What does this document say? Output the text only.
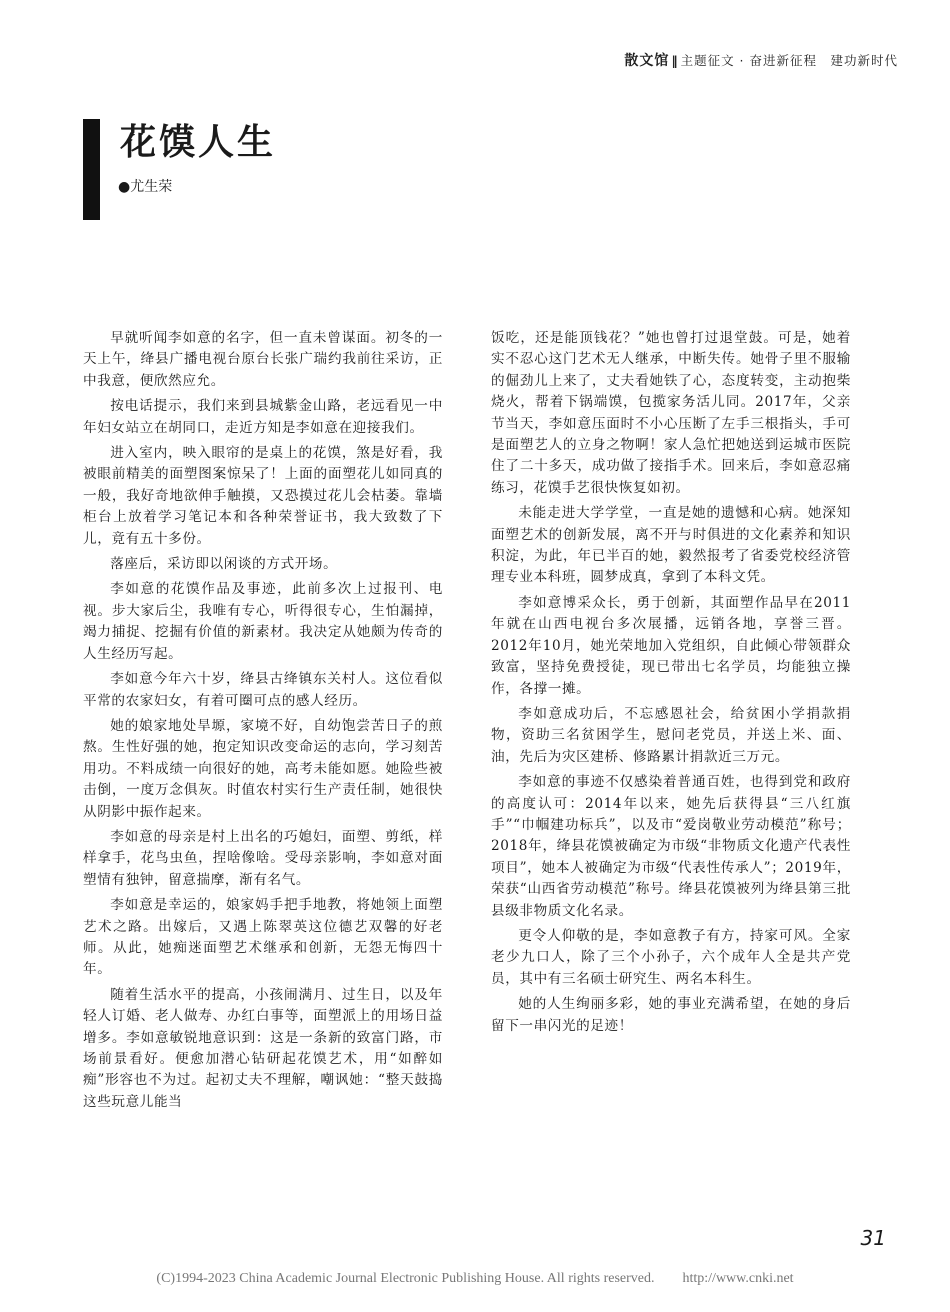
散文馆 ‖ 主题征文 · 奋进新征程　建功新时代
花馍人生
●尤生荣

早就听闻李如意的名字，但一直未曾谋面。初冬的一天上午，绛县广播电视台原台长张广瑞约我前往采访，正中我意，便欣然应允。

按电话提示，我们来到县城紫金山路，老远看见一中年妇女站立在胡同口，走近方知是李如意在迎接我们。

进入室内，映入眼帘的是桌上的花馍，煞是好看，我被眼前精美的面塑图案惊呆了！上面的面塑花儿如同真的一般，我好奇地欲伸手触摸，又恐摸过花儿会枯萎。靠墙柜台上放着学习笔记本和各种荣誉证书，我大致数了下儿，竟有五十多份。

落座后，采访即以闲谈的方式开场。

李如意的花馍作品及事迹，此前多次上过报刊、电视。步大家后尘，我唯有专心，听得很专心，生怕漏掉，竭力捕捉、挖掘有价值的新素材。我决定从她颇为传奇的人生经历写起。

李如意今年六十岁，绛县古绛镇东关村人。这位看似平常的农家妇女，有着可圈可点的感人经历。

她的娘家地处旱塬，家境不好，自幼饱尝苦日子的煎熬。生性好强的她，抱定知识改变命运的志向，学习刻苦用功。不料成绩一向很好的她，高考未能如愿。她险些被击倒，一度万念俱灰。时值农村实行生产责任制，她很快从阴影中振作起来。

李如意的母亲是村上出名的巧媳妇，面塑、剪纸，样样拿手，花鸟虫鱼，捏啥像啥。受母亲影响，李如意对面塑情有独钟，留意揣摩，渐有名气。

李如意是幸运的，娘家妈手把手地教，将她领上面塑艺术之路。出嫁后，又遇上陈翠英这位德艺双馨的好老师。从此，她痴迷面塑艺术继承和创新，无怨无悔四十年。

随着生活水平的提高，小孩闹满月、过生日，以及年轻人订婚、老人做寿、办红白事等，面塑派上的用场日益增多。李如意敏锐地意识到：这是一条新的致富门路，市场前景看好。便愈加潜心钻研起花馍艺术，用“如醉如痴”形容也不为过。起初丈夫不理解，嘲讽她：“整天鼓捣这些玩意儿能当

饭吃，还是能顶钱花？”她也曾打过退堂鼓。可是，她着实不忍心这门艺术无人继承，中断失传。她骨子里不服输的倔劲儿上来了，丈夫看她铁了心，态度转变，主动抱柴烧火，帮着下锅端馍，包揽家务活儿同。2017年，父亲节当天，李如意压面时不小心压断了左手三根指头，手可是面塑艺人的立身之物啊！家人急忙把她送到运城市医院住了二十多天，成功做了接指手术。回来后，李如意忍痛练习，花馍手艺很快恢复如初。

未能走进大学学堂，一直是她的遗憾和心病。她深知面塑艺术的创新发展，离不开与时俱进的文化素养和知识积淀，为此，年已半百的她，毅然报考了省委党校经济管理专业本科班，圆梦成真，拿到了本科文凭。

李如意博采众长，勇于创新，其面塑作品早在2011年就在山西电视台多次展播，远销各地，享誉三晋。2012年10月，她光荣地加入党组织，自此倾心带领群众致富，坚持免费授徒，现已带出七名学员，均能独立操作，各撑一摊。

李如意成功后，不忘感恩社会，给贫困小学捐款捐物，资助三名贫困学生，慰问老党员，并送上米、面、油，先后为灾区建桥、修路累计捐款近三万元。

李如意的事迹不仅感染着普通百姓，也得到党和政府的高度认可：2014年以来，她先后获得县“三八红旗手”“巾帼建功标兵”，以及市“爱岗敬业劳动模范”称号；2018年，绛县花馍被确定为市级“非物质文化遗产代表性项目”，她本人被确定为市级“代表性传承人”；2019年，荣获“山西省劳动模范”称号。绛县花馍被列为绛县第三批县级非物质文化名录。

更令人仰敬的是，李如意教子有方，持家可风。全家老少九口人，除了三个小孙子，六个成年人全是共产党员，其中有三名硕士研究生、两名本科生。

她的人生绚丽多彩，她的事业充满希望，在她的身后留下一串闪光的足迹！

31
(C)1994-2023 China Academic Journal Electronic Publishing House. All rights reserved.　　http://www.cnki.net
